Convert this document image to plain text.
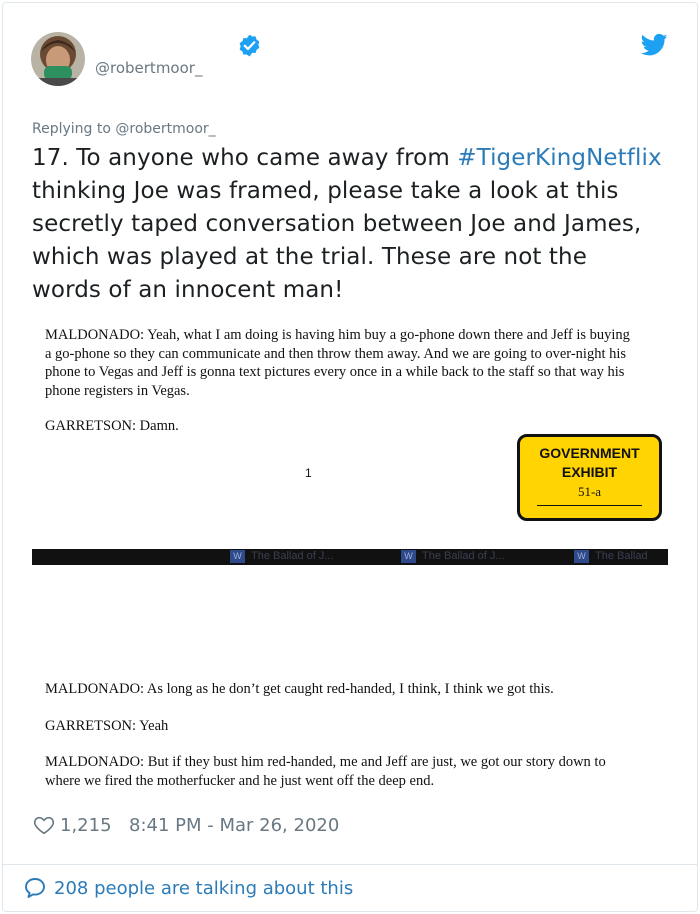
@robertmoor_
Replying to @robertmoor_
17. To anyone who came away from #TigerKingNetflix thinking Joe was framed, please take a look at this secretly taped conversation between Joe and James, which was played at the trial. These are not the words of an innocent man!
MALDONADO: Yeah, what I am doing is having him buy a go-phone down there and Jeff is buying a go-phone so they can communicate and then throw them away. And we are going to over-night his phone to Vegas and Jeff is gonna text pictures every once in a while back to the staff so that way his phone registers in Vegas.
GARRETSON: Damn.
1
GOVERNMENT
EXHIBIT
51-a
W The Ballad of J...	W The Ballad of J...	W The Ballad
MALDONADO: As long as he don’t get caught red-handed, I think, I think we got this.
GARRETSON: Yeah
MALDONADO: But if they bust him red-handed, me and Jeff are just, we got our story down to where we fired the motherfucker and he just went off the deep end.
1,215 8:41 PM - Mar 26, 2020
208 people are talking about this
